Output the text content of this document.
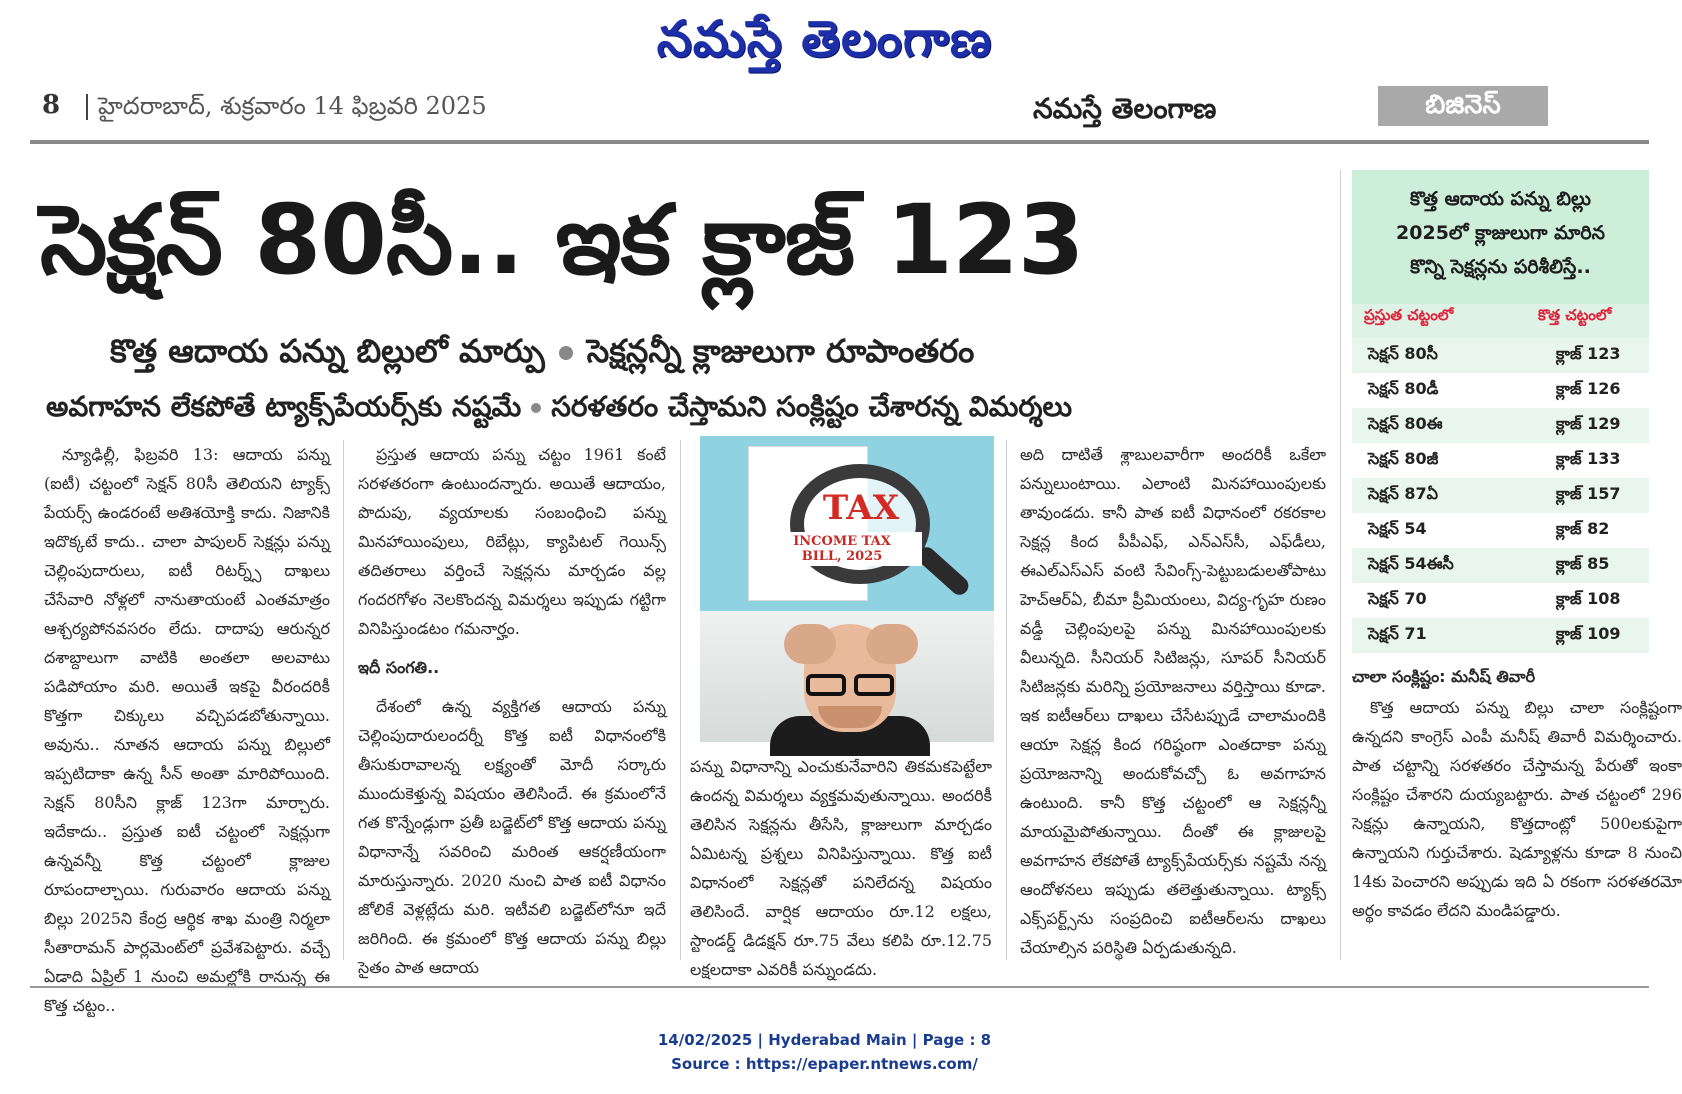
నమస్తే తెలంగాణ
8 హైదరాబాద్, శుక్రవారం 14 ఫిబ్రవరి 2025	నమస్తే తెలంగాణ	బిజినెస్
సెక్షన్ 80సీ.. ఇక క్లాజ్ 123
కొత్త ఆదాయ పన్ను బిల్లులో మార్పు సెక్షన్లన్నీ క్లాజులుగా రూపాంతరం
అవగాహన లేకపోతే ట్యాక్స్‌పేయర్స్‌కు నష్టమే సరళతరం చేస్తామని సంక్లిష్టం చేశారన్న విమర్శలు

న్యూఢిల్లీ, ఫిబ్రవరి 13: ఆదాయ పన్ను (ఐటీ) చట్టంలో సెక్షన్ 80సీ తెలియని ట్యాక్స్ పేయర్స్ ఉండరంటే అతిశయోక్తి కాదు. నిజానికి ఇదొక్కటే కాదు.. చాలా పాపులర్ సెక్షన్లు పన్ను చెల్లింపుదారులు, ఐటీ రిటర్న్స్ దాఖలు చేసేవారి నోళ్లలో నానుతాయంటే ఎంతమాత్రం ఆశ్చర్యపోనవసరం లేదు. దాదాపు ఆరున్నర దశాబ్దాలుగా వాటికి అంతలా అలవాటు పడిపోయాం మరి. అయితే ఇకపై వీరందరికీ కొత్తగా చిక్కులు వచ్చిపడబోతున్నాయి. అవును.. నూతన ఆదాయ పన్ను బిల్లులో ఇప్పటిదాకా ఉన్న సీన్ అంతా మారిపోయింది. సెక్షన్ 80సీని క్లాజ్ 123గా మార్చారు. ఇదేకాదు.. ప్రస్తుత ఐటీ చట్టంలో సెక్షన్లుగా ఉన్నవన్నీ కొత్త చట్టంలో క్లాజుల రూపందాల్చాయి. గురువారం ఆదాయ పన్ను బిల్లు 2025ని కేంద్ర ఆర్థిక శాఖ మంత్రి నిర్మలా సీతారామన్ పార్లమెంట్‌లో ప్రవేశపెట్టారు. వచ్చే ఏడాది ఏప్రిల్ 1 నుంచి అమల్లోకి రానున్న ఈ కొత్త చట్టం..

ప్రస్తుత ఆదాయ పన్ను చట్టం 1961 కంటే సరళతరంగా ఉంటుందన్నారు. అయితే ఆదాయం, పొదుపు, వ్యయాలకు సంబంధించి పన్ను మినహాయింపులు, రిబేట్లు, క్యాపిటల్ గెయిన్స్ తదితరాలు వర్తించే సెక్షన్లను మార్చడం వల్ల గందరగోళం నెలకొందన్న విమర్శలు ఇప్పుడు గట్టిగా వినిపిస్తుండటం గమనార్హం.

ఇదీ సంగతి..

దేశంలో ఉన్న వ్యక్తిగత ఆదాయ పన్ను చెల్లింపుదారులందర్నీ కొత్త ఐటీ విధానంలోకి తీసుకురావాలన్న లక్ష్యంతో మోదీ సర్కారు ముందుకెళ్తున్న విషయం తెలిసిందే. ఈ క్రమంలోనే గత కొన్నేండ్లుగా ప్రతీ బడ్జెట్‌లో కొత్త ఆదాయ పన్ను విధానాన్నే సవరించి మరింత ఆకర్షణీయంగా మారుస్తున్నారు. 2020 నుంచి పాత ఐటీ విధానం జోలికే వెళ్లట్లేదు మరి. ఇటీవలి బడ్జెట్‌లోనూ ఇదే జరిగింది. ఈ క్రమంలో కొత్త ఆదాయ పన్ను బిల్లు సైతం పాత ఆదాయ

TAX
INCOME TAX
BILL, 2025

పన్ను విధానాన్ని ఎంచుకునేవారిని తికమకపెట్టేలా ఉందన్న విమర్శలు వ్యక్తమవుతున్నాయి. అందరికీ తెలిసిన సెక్షన్లను తీసేసి, క్లాజులుగా మార్చడం ఏమిటన్న ప్రశ్నలు వినిపిస్తున్నాయి. కొత్త ఐటీ విధానంలో సెక్షన్లతో పనిలేదన్న విషయం తెలిసిందే. వార్షిక ఆదాయం రూ.12 లక్షలు, స్టాండర్డ్ డిడక్షన్ రూ.75 వేలు కలిపి రూ.12.75 లక్షలదాకా ఎవరికీ పన్నుండదు.

అది దాటితే శ్లాబులవారీగా అందరికీ ఒకేలా పన్నులుంటాయి. ఎలాంటి మినహాయింపులకు తావుండదు. కానీ పాత ఐటీ విధానంలో రకరకాల సెక్షన్ల కింద పీపీఎఫ్, ఎన్ఎస్‌సీ, ఎఫ్‌డీలు, ఈఎల్ఎస్ఎస్ వంటి సేవింగ్స్-పెట్టుబడులతోపాటు హెచ్ఆర్ఏ, బీమా ప్రీమియంలు, విద్య-గృహ రుణం వడ్డీ చెల్లింపులపై పన్ను మినహాయింపులకు వీలున్నది. సీనియర్ సిటిజన్లు, సూపర్ సీనియర్ సిటిజన్లకు మరిన్ని ప్రయోజనాలు వర్తిస్తాయి కూడా. ఇక ఐటీఆర్‌లు దాఖలు చేసేటప్పుడే చాలామందికి ఆయా సెక్షన్ల కింద గరిష్ఠంగా ఎంతదాకా పన్ను ప్రయోజనాన్ని అందుకోవచ్చో ఓ అవగాహన ఉంటుంది. కానీ కొత్త చట్టంలో ఆ సెక్షన్లన్నీ మాయమైపోతున్నాయి. దీంతో ఈ క్లాజులపై అవగాహన లేకపోతే ట్యాక్స్‌పేయర్స్‌కు నష్టమే నన్న ఆందోళనలు ఇప్పుడు తలెత్తుతున్నాయి. ట్యాక్స్ ఎక్స్‌పర్ట్స్‌ను సంప్రదించి ఐటీఆర్‌లను దాఖలు చేయాల్సిన పరిస్థితి ఏర్పడుతున్నది.

కొత్త ఆదాయ పన్ను బిల్లు
2025లో క్లాజులుగా మారిన
కొన్ని సెక్షన్లను పరిశీలిస్తే..
ప్రస్తుత చట్టంలో	కొత్త చట్టంలో
సెక్షన్ 80సీ	క్లాజ్ 123
సెక్షన్ 80డీ	క్లాజ్ 126
సెక్షన్ 80ఈ	క్లాజ్ 129
సెక్షన్ 80జీ	క్లాజ్ 133
సెక్షన్ 87ఏ	క్లాజ్ 157
సెక్షన్ 54	క్లాజ్ 82
సెక్షన్ 54ఈసీ	క్లాజ్ 85
సెక్షన్ 70	క్లాజ్ 108
సెక్షన్ 71	క్లాజ్ 109
చాలా సంక్లిష్టం: మనీష్ తివారీ

కొత్త ఆదాయ పన్ను బిల్లు చాలా సంక్లిష్టంగా ఉన్నదని కాంగ్రెస్ ఎంపీ మనీష్ తివారీ విమర్శించారు. పాత చట్టాన్ని సరళతరం చేస్తామన్న పేరుతో ఇంకా సంక్లిష్టం చేశారని దుయ్యబట్టారు. పాత చట్టంలో 296 సెక్షన్లు ఉన్నాయని, కొత్తదాంట్లో 500లకుపైగా ఉన్నాయని గుర్తుచేశారు. షెడ్యూళ్లను కూడా 8 నుంచి 14కు పెంచారని అప్పుడు ఇది ఏ రకంగా సరళతరమో అర్థం కావడం లేదని మండిపడ్డారు.

14/02/2025 | Hyderabad Main | Page : 8
Source : https://epaper.ntnews.com/
